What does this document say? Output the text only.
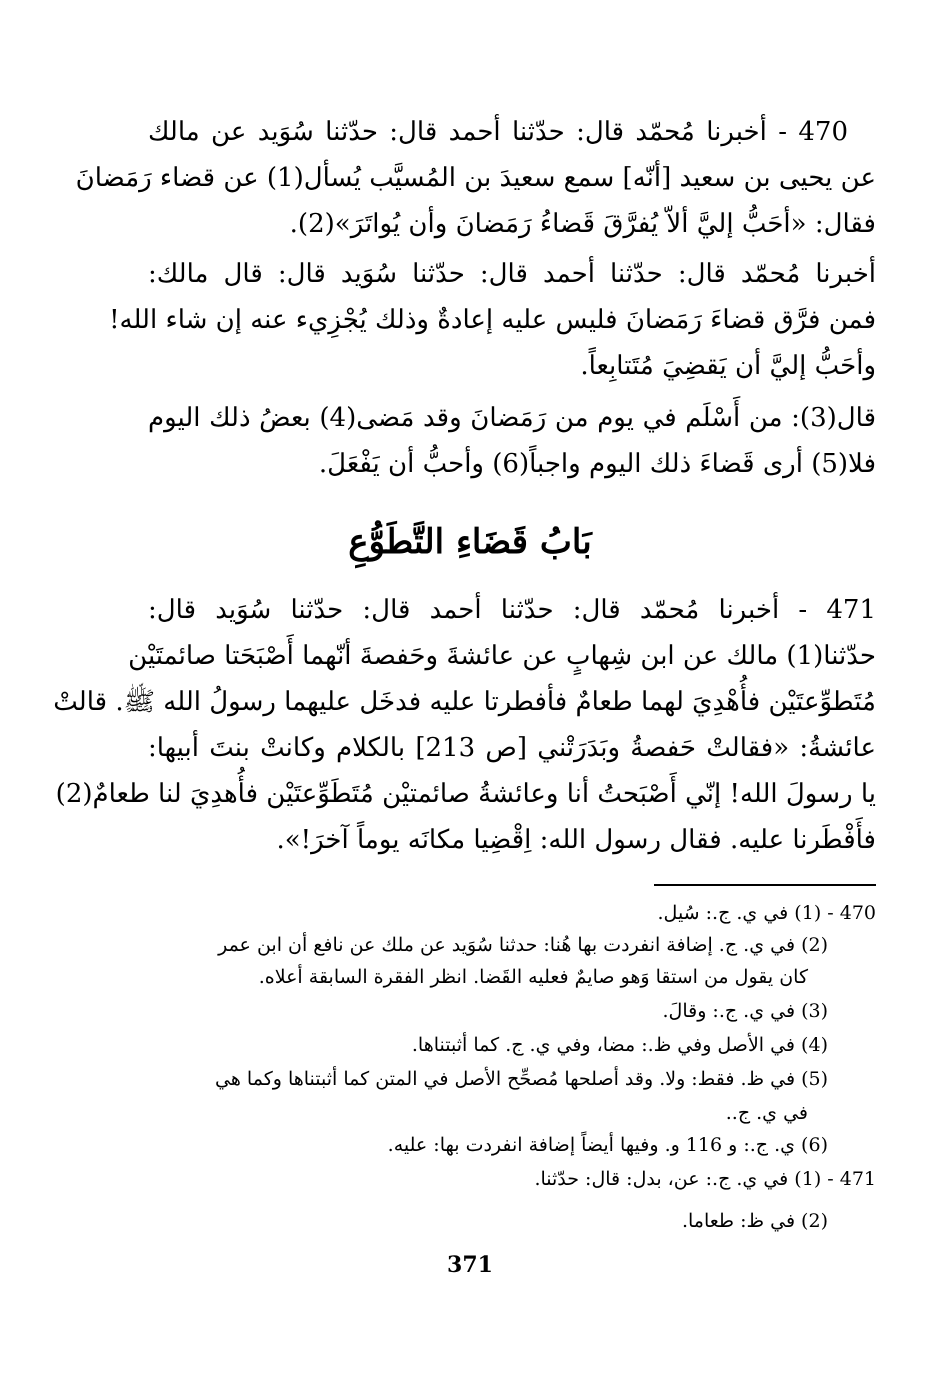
470 - أخبرنا مُحمّد قال: حدّثنا أحمد قال: حدّثنا سُوَيد عن مالك
عن يحيى بن سعيد [أنّه] سمع سعيدَ بن المُسيَّب يُسأل(1) عن قضاء رَمَضانَ
فقال: «أحَبُّ إليَّ ألاّ يُفرَّقَ قَضاءُ رَمَضانَ وأن يُواتَرَ»(2).
أخبرنا مُحمّد قال: حدّثنا أحمد قال: حدّثنا سُوَيد قال: قال مالك:
فمن فرَّق قضاءَ رَمَضانَ فليس عليه إعادةٌ وذلك يُجْزِيء عنه إن شاء الله!
وأحَبُّ إليَّ أن يَقضِيَ مُتَتابِعاً.
قال(3): من أَسْلَم في يوم من رَمَضانَ وقد مَضى(4) بعضُ ذلك اليوم
فلا(5) أرى قَضاءَ ذلك اليوم واجباً(6) وأحبُّ أن يَفْعَلَ.
بَابُ قَضَاءِ التَّطَوُّعِ
471 - أخبرنا مُحمّد قال: حدّثنا أحمد قال: حدّثنا سُوَيد قال:
حدّثنا(1) مالك عن ابن شِهابٍ عن عائشةَ وحَفصةَ أنّهما أَصْبَحَتا صائمتَيْن
مُتَطوِّعتَيْن فأُهْدِيَ لهما طعامٌ فأفطرتا عليه فدخَل عليهما رسولُ الله ﷺ. قالتْ
عائشةُ: «فقالتْ حَفصةُ وبَدَرَتْني [ص 213] بالكلام وكانتْ بنتَ أبيها:
يا رسولَ الله! إنّي أَصْبَحتُ أنا وعائشةُ صائمتيْن مُتَطَوِّعتَيْن فأُهدِيَ لنا طعامٌ(2)
فأَفْطَرنا عليه. فقال رسول الله: اِقْضِيا مكانَه يوماً آخرَ!».
470 - (1) في ي. ج.: سُيل.
(2) في ي. ج. إضافة انفردت بها هُنا: حدثنا سُوَيد عن ملك عن نافع أن ابن عمر
كان يقول من استقا وَهو صايمٌ فعليه القَضا. انظر الفقرة السابقة أعلاه.
(3) في ي. ج.: وقالَ.
(4) في الأصل وفي ظ.: مضا، وفي ي. ج. كما أثبتناها.
(5) في ظ. فقط: ولا. وقد أصلحها مُصحِّح الأصل في المتن كما أثبتناها وكما هي
في ي. ج..
(6) ي. ج.: و 116 و. وفيها أيضاً إضافة انفردت بها: عليه.
471 - (1) في ي. ج.: عن، بدل: قال: حدّثنا.
(2) في ظ: طعاما.
371
